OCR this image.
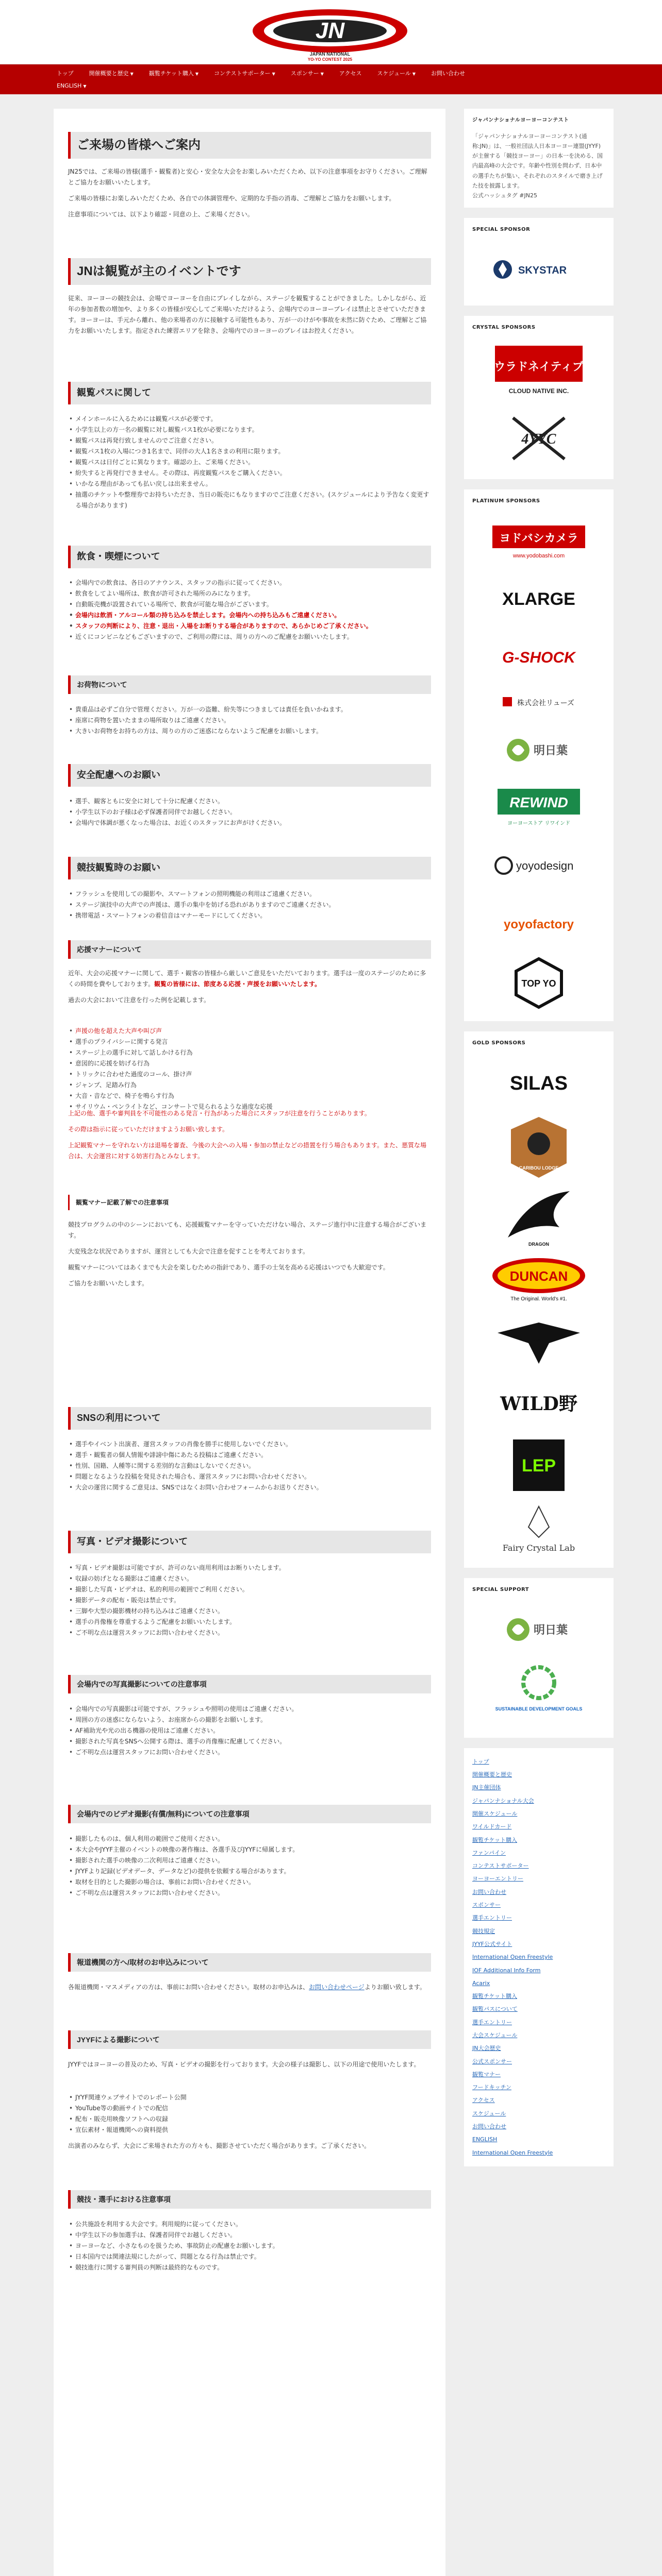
JN
JAPAN NATIONAL
YO-YO CONTEST 2025
トップ	開催概要と歴史 ▼	観覧チケット購入 ▼	コンテストサポーター ▼	スポンサー ▼	アクセス	スケジュール ▼	お問い合わせ
ENGLISH ▼
ご来場の皆様へご案内

JN25では、ご来場の皆様(選手・観覧者)と安心・安全な大会をお楽しみいただくため、以下の注意事項をお守りください。ご理解とご協力をお願いいたします。

ご来場の皆様にお楽しみいただくため、各自での体調管理や、定期的な手指の消毒、ご理解とご協力をお願いします。

注意事項については、以下より確認・同意の上、ご来場ください。

JNは観覧が主のイベントです

従来、ヨーヨーの競技会は、会場でヨーヨーを自由にプレイしながら、ステージを観覧することができました。しかしながら、近年の参加者数の増加や、より多くの皆様が安心してご来場いただけるよう、会場内でのヨーヨープレイは禁止とさせていただきます。ヨーヨーは、手元から離れ、他の来場者の方に接触する可能性もあり、万が一のけがや事故を未然に防ぐため、ご理解とご協力をお願いいたします。指定された練習エリアを除き、会場内でのヨーヨーのプレイはお控えください。

観覧パスに関して
• メインホールに入るためには観覧パスが必要です。
• 小学生以上の方一名の観覧に対し観覧パス1枚が必要になります。
• 観覧パスは再発行致しませんのでご注意ください。
• 観覧パス1枚の入場につき1名まで、同伴の大人1名さまの利用に限ります。
• 観覧パスは日付ごとに異なります。確認の上、ご来場ください。
• 紛失すると再発行できません。その際は、再度観覧パスをご購入ください。
• いかなる理由があっても払い戻しは出来ません。
• 抽選のチケットや整理券でお持ちいただき、当日の販売にもなりますのでご注意ください。(スケジュールにより予告なく変更する場合があります)
飲食・喫煙について
• 会場内での飲食は、各日のアナウンス、スタッフの指示に従ってください。
• 飲食をしてよい場所は、飲食が許可された場所のみになります。
• 自動販売機が設置されている場所で、飲食が可能な場合がございます。
• 会場内は飲酒・アルコール類の持ち込みを禁止します。会場内への持ち込みもご遠慮ください。
• スタッフの判断により、注意・退出・入場をお断りする場合がありますので、あらかじめご了承ください。
• 近くにコンビニなどもございますので、ご利用の際には、周りの方へのご配慮をお願いいたします。
お荷物について
• 貴重品は必ずご自分で管理ください。万が一の盗難、紛失等につきましては責任を負いかねます。
• 座席に荷物を置いたままの場所取りはご遠慮ください。
• 大きいお荷物をお持ちの方は、周りの方のご迷惑にならないようご配慮をお願いします。
安全配慮へのお願い
• 選手、観客ともに安全に対して十分に配慮ください。
• 小学生以下のお子様は必ず保護者同伴でお越しください。
• 会場内で体調が悪くなった場合は、お近くのスタッフにお声がけください。
競技観覧時のお願い
• フラッシュを使用しての撮影や、スマートフォンの照明機能の利用はご遠慮ください。
• ステージ演技中の大声での声援は、選手の集中を妨げる恐れがありますのでご遠慮ください。
• 携帯電話・スマートフォンの着信音はマナーモードにしてください。
応援マナーについて

近年、大会の応援マナーに関して、選手・観客の皆様から厳しいご意見をいただいております。選手は一度のステージのために多くの時間を費やしております。観覧の皆様には、節度ある応援・声援をお願いいたします。

過去の大会において注意を行った例を記載します。

• 声援の他を超えた大声や叫び声
• 選手のプライバシーに関する発言
• ステージ上の選手に対して話しかける行為
• 意図的に応援を妨げる行為
• トリックに合わせた過度のコール、掛け声
• ジャンプ、足踏み行為
• 大音・音などで、椅子を鳴らす行為
• サイリウム・ペンライトなど、コンサートで見られるような過度な応援

上記の他、選手や審判員を不可能性のある発言・行為があった場合にスタッフが注意を行うことがあります。

その際は指示に従っていただけますようお願い致します。

上記観覧マナーを守れない方は退場を審査、今後の大会への入場・参加の禁止などの措置を行う場合もあります。また、悪質な場合は、大会運営に対する妨害行為とみなします。

観覧マナー記載了解での注意事項

競技プログラムの中のシーンにおいても、応援観覧マナーを守っていただけない場合、ステージ進行中に注意する場合がございます。

大変残念な状況でありますが、運営としても大会で注意を促すことを考えております。

観覧マナーについてはあくまでも大会を楽しむための指針であり、選手の士気を高める応援はいつでも大歓迎です。

ご協力をお願いいたします。

SNSの利用について
• 選手やイベント出演者、運営スタッフの肖像を勝手に使用しないでください。
• 選手・観覧者の個人情報や誹謗中傷にあたる投稿はご遠慮ください。
• 性別、国籍、人種等に関する差別的な言動はしないでください。
• 問題となるような投稿を発見された場合も、運営スタッフにお問い合わせください。
• 大会の運営に関するご意見は、SNSではなくお問い合わせフォームからお送りください。
写真・ビデオ撮影について
• 写真・ビデオ撮影は可能ですが、許可のない商用利用はお断りいたします。
• 収録の妨げとなる撮影はご遠慮ください。
• 撮影した写真・ビデオは、私的利用の範囲でご利用ください。
• 撮影データの配布・販売は禁止です。
• 三脚や大型の撮影機材の持ち込みはご遠慮ください。
• 選手の肖像権を尊重するようご配慮をお願いいたします。
• ご不明な点は運営スタッフにお問い合わせください。
会場内での写真撮影についての注意事項
• 会場内での写真撮影は可能ですが、フラッシュや照明の使用はご遠慮ください。
• 周囲の方の迷惑にならないよう、お座席からの撮影をお願いします。
• AF補助光や光の出る機器の使用はご遠慮ください。
• 撮影された写真をSNSへ公開する際は、選手の肖像権に配慮してください。
• ご不明な点は運営スタッフにお問い合わせください。
会場内でのビデオ撮影(有償/無料)についての注意事項
• 撮影したものは、個人利用の範囲でご使用ください。
• 本大会やJYYF主催のイベントの映像の著作権は、各選手及びJYYFに帰属します。
• 撮影された選手の映像の二次利用はご遠慮ください。
• JYYFより記録(ビデオデータ、データなど)の提供を依頼する場合があります。
• 取材を目的とした撮影の場合は、事前にお問い合わせください。
• ご不明な点は運営スタッフにお問い合わせください。
報道機関の方へ/取材のお申込みについて

各報道機関・マスメディアの方は、事前にお問い合わせください。取材のお申込みは、お問い合わせページよりお願い致します。

JYYFによる撮影について

JYYFではヨーヨーの普及のため、写真・ビデオの撮影を行っております。大会の様子は撮影し、以下の用途で使用いたします。

• JYYF関連ウェブサイトでのレポート公開
• YouTube等の動画サイトでの配信
• 配布・販売用映像ソフトへの収録
• 宣伝素材・報道機関への資料提供

出演者のみならず、大会にご来場された方の方々も、撮影させていただく場合があります。ご了承ください。

競技・選手における注意事項
• 公共施設を利用する大会です。利用規約に従ってください。
• 中学生以下の参加選手は、保護者同伴でお越しください。
• ヨーヨーなど、小さなものを扱うため、事故防止の配慮をお願いします。
• 日本国内では関連法規にしたがって、問題となる行為は禁止です。
• 競技進行に関する審判員の判断は最終的なものです。
ジャパンナショナルヨーヨーコンテスト
「ジャパンナショナルヨーヨーコンテスト(通称:JN)」は、一般社団法人日本ヨーヨー連盟(JYYF)が主催する「競技ヨーヨー」の日本一を決める、国内最高峰の大会です。年齢や性別を問わず、日本中の選手たちが集い、それぞれのスタイルで磨き上げた技を披露します。
公式ハッシュタグ #JN25
SPECIAL SPONSOR
SKYSTAR
CRYSTAL SPONSORS
ウラドネイティブ
CLOUD NATIVE INC.
4YYC
PLATINUM SPONSORS
ヨドバシカメラ
www.yodobashi.com
XLARGE
G-SHOCK
株式会社リューズ
明日葉
REWIND
ヨーヨーストア リワインド
yoyodesign
yoyofactory
TOP YO
GOLD SPONSORS
SILAS
CARIBOU LODGE
DRAGON
DUNCAN
The Original. World's #1.
EAGLE
WILD野
LEP
Fairy Crystal Lab
SPECIAL SUPPORT
明日葉
SUSTAINABLE DEVELOPMENT GOALS
トップ
開催概要と歴史
JN主催団体
ジャパンナショナル大会
開催スケジュール
ワイルドカード
観覧チケット購入
ファンパイン
コンテストサポーター
ヨーヨーエントリー
お問い合わせ
スポンサー
選手エントリー
競技規定
JYYF公式サイト
International Open Freestyle
IOF Additional Info Form
Acarix
観覧チケット購入
観覧パスについて
選手エントリー
大会スケジュール
JN大会歴史
公式スポンサー
観覧マナー
フードキッチン
アクセス
スケジュール
お問い合わせ
ENGLISH
International Open Freestyle
